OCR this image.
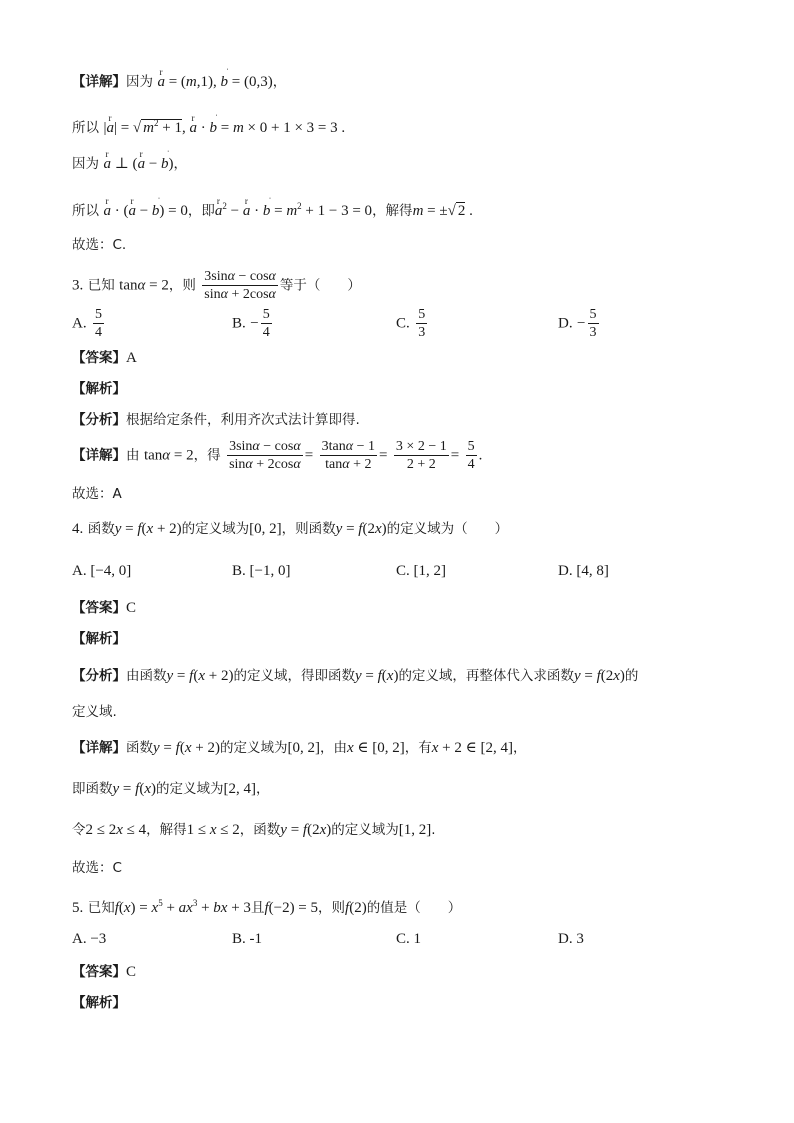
【详解】因为 r a = (m,1),   ˈ b = (0,3)，
所以 |r a| = √ $m^2 + 1$, r a ·   ˈ b = m × 0 + 1 × 3 = 3 .
因为 r a ⊥ (r a −   ˈ b)，
所以 r a · (r a −   ˈ b) = 0，即r $a^2 - r$ a ·   ˈ $b = m^2 + 1 - 3 = 0$，解得m = ±√ 2 .
故选：C.
3. 已知 tanα = 2，则 $\frac{3\sin\alpha - \cos\alpha}{\sin\alpha + 2\cos\alpha}$ 等于（　　）
A. $\frac{5}{4}$	B. − $\frac{5}{4}$	C. $\frac{5}{3}$	D. − $\frac{5}{3}$
【答案】A
【解析】
【分析】根据给定条件，利用齐次式法计算即得.
【详解】由 tanα = 2，得 $\frac{3\sin\alpha - \cos\alpha}{\sin\alpha + 2\cos\alpha} = \frac{3\tan\alpha - 1}{\tan\alpha + 2} = \frac{3 \times 2 - 1}{2 + 2} = \frac{5}{4}$ .
故选：A
4. 函数y = f(x + 2)的定义域为[0, 2]，则函数y = f(2x)的定义域为（　　）
A. [−4, 0]	B. [−1, 0]	C. [1, 2]	D. [4, 8]
【答案】C
【解析】
【分析】由函数y = f(x + 2)的定义域，得即函数y = f(x)的定义域，再整体代入求函数y = f(2x)的
定义域.
【详解】函数y = f(x + 2)的定义域为[0, 2]，由x ∈ [0, 2]，有x + 2 ∈ [2, 4]，
即函数y = f(x)的定义域为[2, 4]，
令2 ≤ 2x ≤ 4，解得1 ≤ x ≤ 2，函数y = f(2x)的定义域为[1, 2].
故选：C
5. 已知$f(x) = x^5 + ax^3$ + bx + 3且f(−2) = 5，则f(2)的值是（　　）
A. −3	B. -1	C. 1	D. 3
【答案】C
【解析】
